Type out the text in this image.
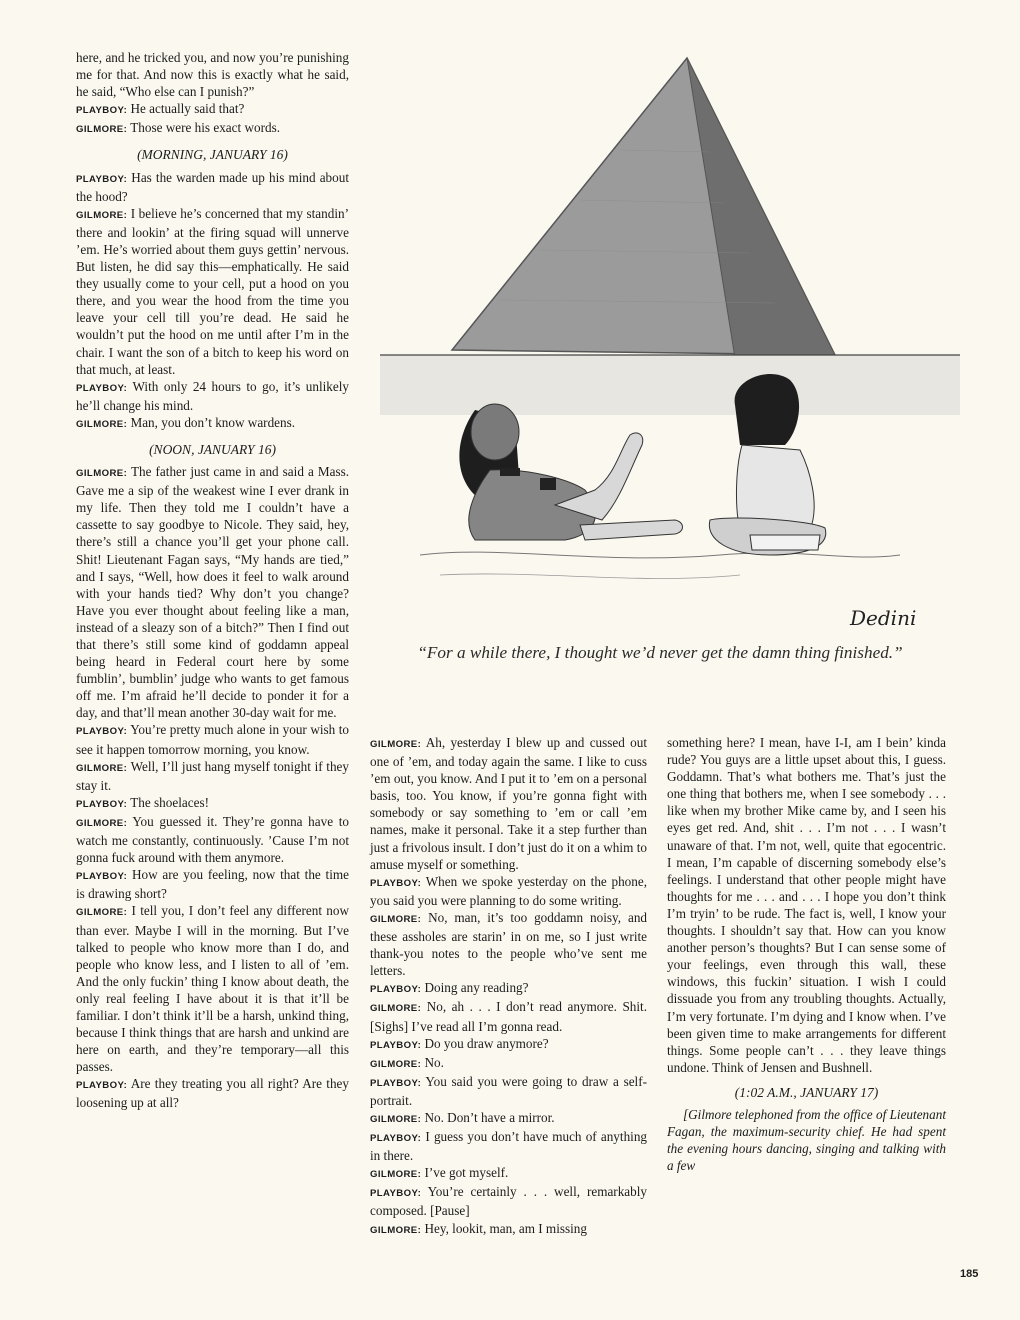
here, and he tricked you, and now you’re punishing me for that. And now this is exactly what he said, he said, “Who else can I punish?”

PLAYBOY: He actually said that?

GILMORE: Those were his exact words.

(MORNING, JANUARY 16)

PLAYBOY: Has the warden made up his mind about the hood?

GILMORE: I believe he’s concerned that my standin’ there and lookin’ at the firing squad will unnerve ’em. He’s worried about them guys gettin’ nervous. But listen, he did say this—emphatically. He said they usually come to your cell, put a hood on you there, and you wear the hood from the time you leave your cell till you’re dead. He said he wouldn’t put the hood on me until after I’m in the chair. I want the son of a bitch to keep his word on that much, at least.

PLAYBOY: With only 24 hours to go, it’s unlikely he’ll change his mind.

GILMORE: Man, you don’t know wardens.

(NOON, JANUARY 16)

GILMORE: The father just came in and said a Mass. Gave me a sip of the weakest wine I ever drank in my life. Then they told me I couldn’t have a cassette to say goodbye to Nicole. They said, hey, there’s still a chance you’ll get your phone call. Shit! Lieutenant Fagan says, “My hands are tied,” and I says, “Well, how does it feel to walk around with your hands tied? Why don’t you change? Have you ever thought about feeling like a man, instead of a sleazy son of a bitch?” Then I find out that there’s still some kind of goddamn appeal being heard in Federal court here by some fumblin’, bumblin’ judge who wants to get famous off me. I’m afraid he’ll decide to ponder it for a day, and that’ll mean another 30-day wait for me.

PLAYBOY: You’re pretty much alone in your wish to see it happen tomorrow morning, you know.

GILMORE: Well, I’ll just hang myself tonight if they stay it.

PLAYBOY: The shoelaces!

GILMORE: You guessed it. They’re gonna have to watch me constantly, continuously. ’Cause I’m not gonna fuck around with them anymore.

PLAYBOY: How are you feeling, now that the time is drawing short?

GILMORE: I tell you, I don’t feel any different now than ever. Maybe I will in the morning. But I’ve talked to people who know more than I do, and people who know less, and I listen to all of ’em. And the only fuckin’ thing I know about death, the only real feeling I have about it is that it’ll be familiar. I don’t think it’ll be a harsh, unkind thing, because I think things that are harsh and unkind are here on earth, and they’re temporary—all this passes.

PLAYBOY: Are they treating you all right? Are they loosening up at all?

GILMORE: Ah, yesterday I blew up and cussed out one of ’em, and today again the same. I like to cuss ’em out, you know. And I put it to ’em on a personal basis, too. You know, if you’re gonna fight with somebody or say something to ’em or call ’em names, make it personal. Take it a step further than just a frivolous insult. I don’t just do it on a whim to amuse myself or something.

PLAYBOY: When we spoke yesterday on the phone, you said you were planning to do some writing.

GILMORE: No, man, it’s too goddamn noisy, and these assholes are starin’ in on me, so I just write thank-you notes to the people who’ve sent me letters.

PLAYBOY: Doing any reading?

GILMORE: No, ah . . . I don’t read anymore. Shit. [Sighs] I’ve read all I’m gonna read.

PLAYBOY: Do you draw anymore?

GILMORE: No.

PLAYBOY: You said you were going to draw a self-portrait.

GILMORE: No. Don’t have a mirror.

PLAYBOY: I guess you don’t have much of anything in there.

GILMORE: I’ve got myself.

PLAYBOY: You’re certainly . . . well, remarkably composed. [Pause]

GILMORE: Hey, lookit, man, am I missing

something here? I mean, have I-I, am I bein’ kinda rude? You guys are a little upset about this, I guess. Goddamn. That’s what bothers me. That’s just the one thing that bothers me, when I see somebody . . . like when my brother Mike came by, and I seen his eyes get red. And, shit . . . I’m not . . . I wasn’t unaware of that. I’m not, well, quite that egocentric. I mean, I’m capable of discerning somebody else’s feelings. I understand that other people might have thoughts for me . . . and . . . I hope you don’t think I’m tryin’ to be rude. The fact is, well, I know your thoughts. I shouldn’t say that. How can you know another person’s thoughts? But I can sense some of your feelings, even through this wall, these windows, this fuckin’ situation. I wish I could dissuade you from any troubling thoughts. Actually, I’m very fortunate. I’m dying and I know when. I’ve been given time to make arrangements for different things. Some people can’t . . . they leave things undone. Think of Jensen and Bushnell.

(1:02 A.M., JANUARY 17)

[Gilmore telephoned from the office of Lieutenant Fagan, the maximum-security chief. He had spent the evening hours dancing, singing and talking with a few

Dedini
“For a while there, I thought we’d never get the damn thing finished.”
185
